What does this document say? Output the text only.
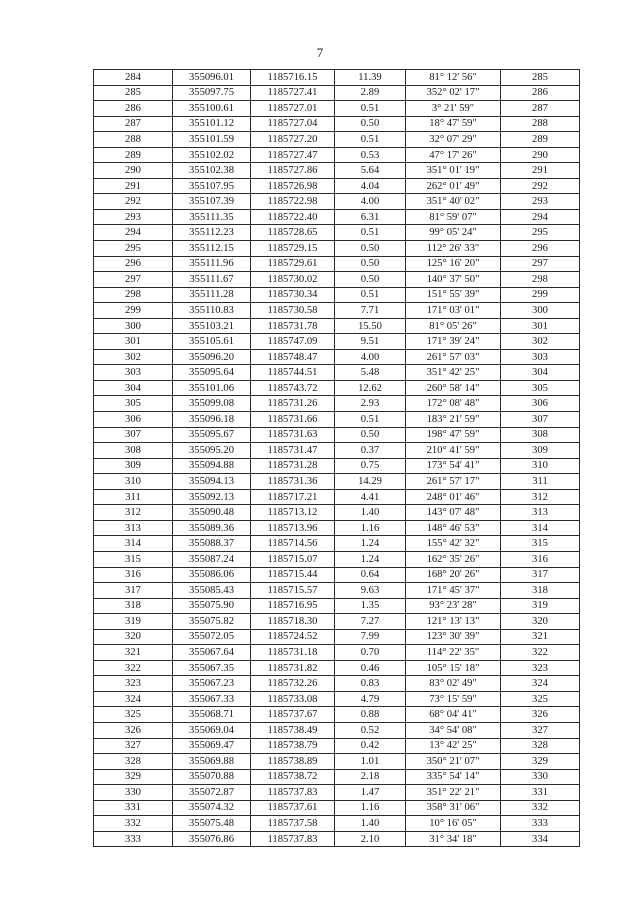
7
284	355096.01	1185716.15	11.39	81° 12' 56"	285
285	355097.75	1185727.41	2.89	352° 02' 17"	286
286	355100.61	1185727.01	0.51	3° 21' 59"	287
287	355101.12	1185727.04	0.50	18° 47' 59"	288
288	355101.59	1185727.20	0.51	32° 07' 29"	289
289	355102.02	1185727.47	0.53	47° 17' 26"	290
290	355102.38	1185727.86	5.64	351° 01' 19"	291
291	355107.95	1185726.98	4.04	262° 01' 49"	292
292	355107.39	1185722.98	4.00	351° 40' 02"	293
293	355111.35	1185722.40	6.31	81° 59' 07"	294
294	355112.23	1185728.65	0.51	99° 05' 24"	295
295	355112.15	1185729.15	0.50	112° 26' 33"	296
296	355111.96	1185729.61	0.50	125° 16' 20"	297
297	355111.67	1185730.02	0.50	140° 37' 50"	298
298	355111.28	1185730.34	0.51	151° 55' 39"	299
299	355110.83	1185730.58	7.71	171° 03' 01"	300
300	355103.21	1185731.78	15.50	81° 05' 26"	301
301	355105.61	1185747.09	9.51	171° 39' 24"	302
302	355096.20	1185748.47	4.00	261° 57' 03"	303
303	355095.64	1185744.51	5.48	351° 42' 25"	304
304	355101.06	1185743.72	12.62	260° 58' 14"	305
305	355099.08	1185731.26	2.93	172° 08' 48"	306
306	355096.18	1185731.66	0.51	183° 21' 59"	307
307	355095.67	1185731.63	0.50	198° 47' 59"	308
308	355095.20	1185731.47	0.37	210° 41' 59"	309
309	355094.88	1185731.28	0.75	173° 54' 41"	310
310	355094.13	1185731.36	14.29	261° 57' 17"	311
311	355092.13	1185717.21	4.41	248° 01' 46"	312
312	355090.48	1185713.12	1.40	143° 07' 48"	313
313	355089.36	1185713.96	1.16	148° 46' 53"	314
314	355088.37	1185714.56	1.24	155° 42' 32"	315
315	355087.24	1185715.07	1.24	162° 35' 26"	316
316	355086.06	1185715.44	0.64	168° 20' 26"	317
317	355085.43	1185715.57	9.63	171° 45' 37"	318
318	355075.90	1185716.95	1.35	93° 23' 28"	319
319	355075.82	1185718.30	7.27	121° 13' 13"	320
320	355072.05	1185724.52	7.99	123° 30' 39"	321
321	355067.64	1185731.18	0.70	114° 22' 35"	322
322	355067.35	1185731.82	0.46	105° 15' 18"	323
323	355067.23	1185732.26	0.83	83° 02' 49"	324
324	355067.33	1185733.08	4.79	73° 15' 59"	325
325	355068.71	1185737.67	0.88	68° 04' 41"	326
326	355069.04	1185738.49	0.52	34° 54' 08"	327
327	355069.47	1185738.79	0.42	13° 42' 25"	328
328	355069.88	1185738.89	1.01	350° 21' 07"	329
329	355070.88	1185738.72	2.18	335° 54' 14"	330
330	355072.87	1185737.83	1.47	351° 22' 21"	331
331	355074.32	1185737.61	1.16	358° 31' 06"	332
332	355075.48	1185737.58	1.40	10° 16' 05"	333
333	355076.86	1185737.83	2.10	31° 34' 18"	334
